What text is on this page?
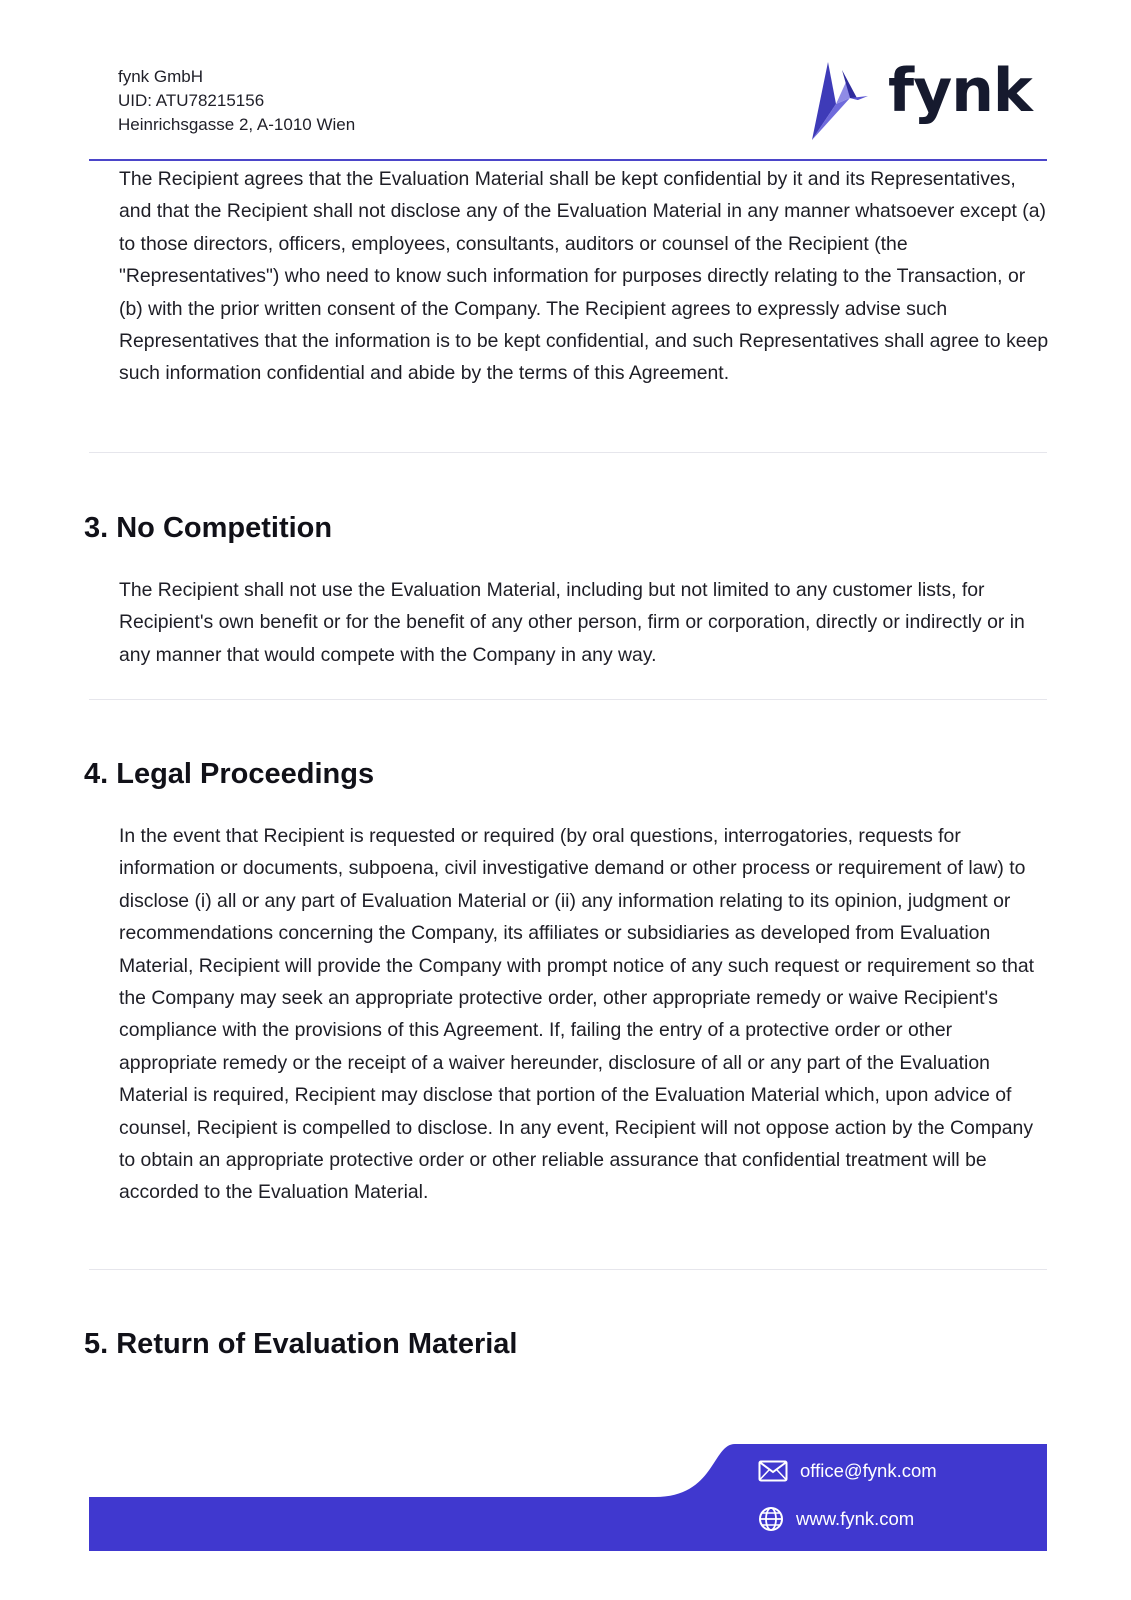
fynk GmbH
UID: ATU78215156
Heinrichsgasse 2, A-1010 Wien	fynk

The Recipient agrees that the Evaluation Material shall be kept confidential by it and its Representatives, and that the Recipient shall not disclose any of the Evaluation Material in any manner whatsoever except (a) to those directors, officers, employees, consultants, auditors or counsel of the Recipient (the "Representatives") who need to know such information for purposes directly relating to the Transaction, or (b) with the prior written consent of the Company. The Recipient agrees to expressly advise such Representatives that the information is to be kept confidential, and such Representatives shall agree to keep such information confidential and abide by the terms of this Agreement.

3. No Competition

The Recipient shall not use the Evaluation Material, including but not limited to any customer lists, for Recipient's own benefit or for the benefit of any other person, firm or corporation, directly or indirectly or in any manner that would compete with the Company in any way.

4. Legal Proceedings

In the event that Recipient is requested or required (by oral questions, interrogatories, requests for information or documents, subpoena, civil investigative demand or other process or requirement of law) to disclose (i) all or any part of Evaluation Material or (ii) any information relating to its opinion, judgment or recommendations concerning the Company, its affiliates or subsidiaries as developed from Evaluation Material, Recipient will provide the Company with prompt notice of any such request or requirement so that the Company may seek an appropriate protective order, other appropriate remedy or waive Recipient's compliance with the provisions of this Agreement. If, failing the entry of a protective order or other appropriate remedy or the receipt of a waiver hereunder, disclosure of all or any part of the Evaluation Material is required, Recipient may disclose that portion of the Evaluation Material which, upon advice of counsel, Recipient is compelled to disclose. In any event, Recipient will not oppose action by the Company to obtain an appropriate protective order or other reliable assurance that confidential treatment will be accorded to the Evaluation Material.

5. Return of Evaluation Material
office@fynk.com
www.fynk.com
